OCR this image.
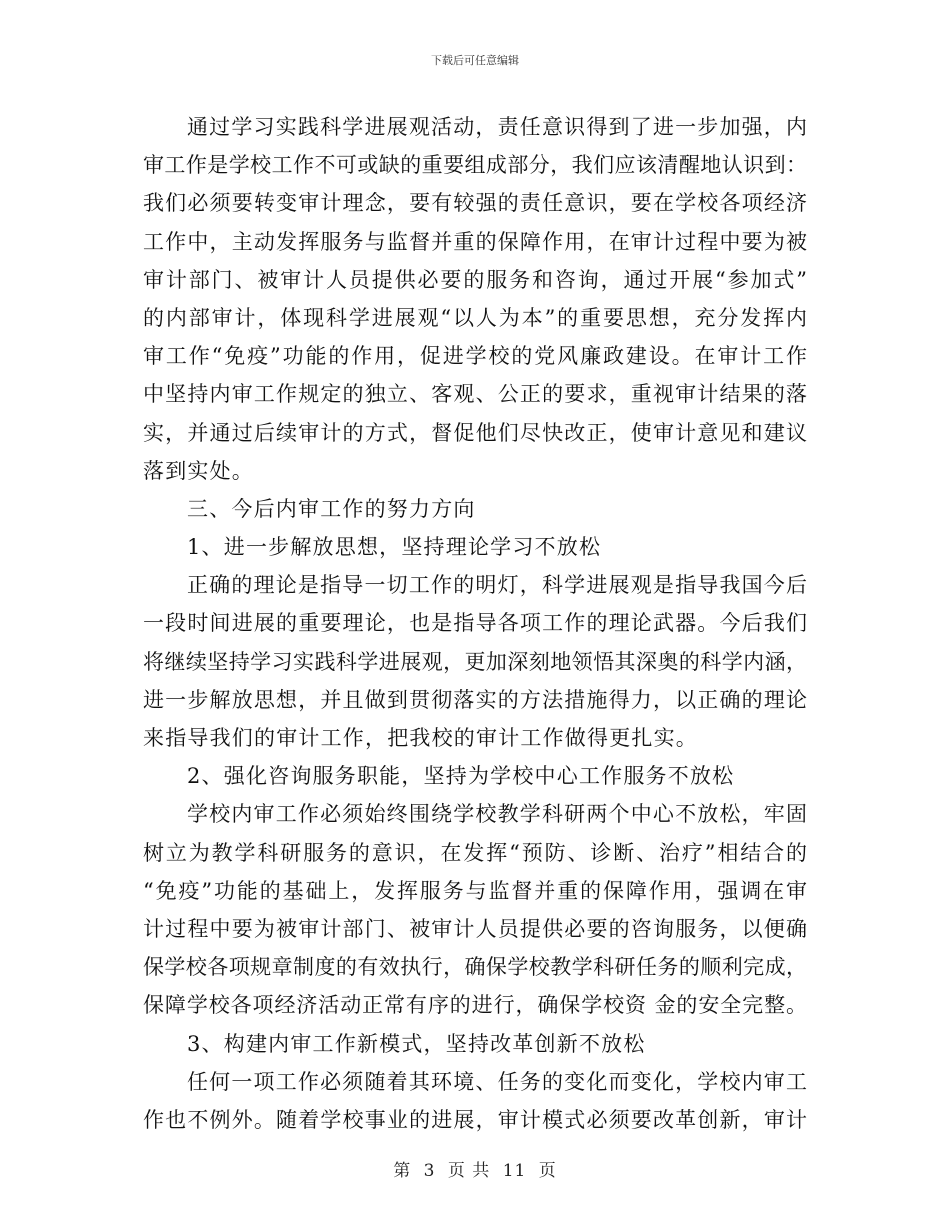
下载后可任意编辑
通过学习实践科学进展观活动，责任意识得到了进一步加强，内
审工作是学校工作不可或缺的重要组成部分，我们应该清醒地认识到：
我们必须要转变审计理念，要有较强的责任意识，要在学校各项经济
工作中，主动发挥服务与监督并重的保障作用，在审计过程中要为被
审计部门、被审计人员提供必要的服务和咨询，通过开展“参加式”
的内部审计，体现科学进展观“以人为本”的重要思想，充分发挥内
审工作“免疫”功能的作用，促进学校的党风廉政建设。在审计工作
中坚持内审工作规定的独立、客观、公正的要求，重视审计结果的落
实，并通过后续审计的方式，督促他们尽快改正，使审计意见和建议
落到实处。
三、今后内审工作的努力方向
1、进一步解放思想，坚持理论学习不放松
正确的理论是指导一切工作的明灯，科学进展观是指导我国今后
一段时间进展的重要理论，也是指导各项工作的理论武器。今后我们
将继续坚持学习实践科学进展观，更加深刻地领悟其深奥的科学内涵，
进一步解放思想，并且做到贯彻落实的方法措施得力，以正确的理论
来指导我们的审计工作，把我校的审计工作做得更扎实。
2、强化咨询服务职能，坚持为学校中心工作服务不放松
学校内审工作必须始终围绕学校教学科研两个中心不放松，牢固
树立为教学科研服务的意识，在发挥“预防、诊断、治疗”相结合的
“免疫”功能的基础上，发挥服务与监督并重的保障作用，强调在审
计过程中要为被审计部门、被审计人员提供必要的咨询服务，以便确
保学校各项规章制度的有效执行，确保学校教学科研任务的顺利完成，
保障学校各项经济活动正常有序的进行，确保学校资 金的安全完整。
3、构建内审工作新模式，坚持改革创新不放松
任何一项工作必须随着其环境、任务的变化而变化，学校内审工
作也不例外。随着学校事业的进展，审计模式必须要改革创新，审计
第 3 页 共 11 页
